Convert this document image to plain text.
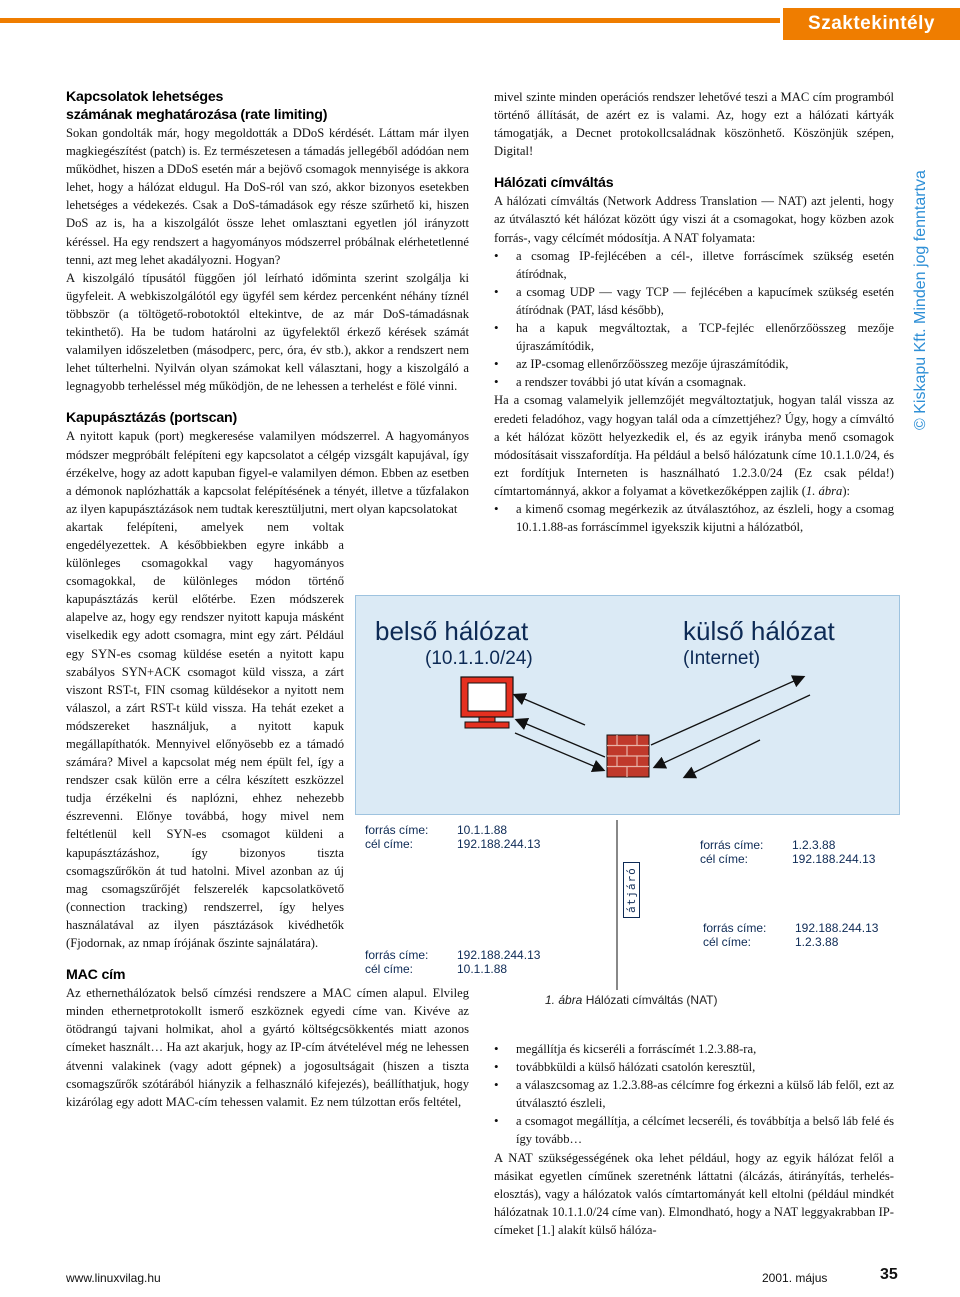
Szaktekintély
© Kiskapu Kft. Minden jog fenntartva
Kapcsolatok lehetséges
számának meghatározása (rate limiting)

Sokan gondolták már, hogy megoldották a DDoS kérdését. Láttam már ilyen magkiegészítést (patch) is. Ez természetesen a támadás jellegéből adódóan nem működhet, hiszen a DDoS esetén már a bejövő csomagok mennyisége is akkora lehet, hogy a hálózat eldugul. Ha DoS-ról van szó, akkor bizonyos esetekben lehetséges a védekezés. Csak a DoS-támadások egy része szűrhető ki, hiszen DoS az is, ha a kiszolgálót össze lehet omlasztani egyetlen jól irányzott kéréssel. Ha egy rendszert a hagyományos módszerrel próbálnak elérhetetlenné tenni, azt meg lehet akadályozni. Hogyan?

A kiszolgáló típusától függően jól leírható időminta szerint szolgálja ki ügyfeleit. A webkiszolgálótól egy ügyfél sem kérdez percenként néhány tíznél többször (a töltögető-robotoktól eltekintve, de az már DoS-támadásnak tekinthető). Ha be tudom határolni az ügyfelektől érkező kérések számát valamilyen időszeletben (másodperc, perc, óra, év stb.), akkor a rendszert nem lehet túlterhelni. Nyilván olyan számokat kell választani, hogy a kiszolgáló a legnagyobb terheléssel még működjön, de ne lehessen a terhelést e fölé vinni.

Kapupásztázás (portscan)

A nyitott kapuk (port) megkeresése valamilyen módszerrel. A hagyományos módszer megpróbált felépíteni egy kapcsolatot a célgép vizsgált kapujával, így érzékelve, hogy az adott kapuban figyel-e valamilyen démon. Ebben az esetben a démonok naplózhatták a kapcsolat felépítésének a tényét, illetve a tűzfalakon az ilyen kapupásztázások nem tudtak keresztüljutni, mert olyan kapcsolatokat

akartak felépíteni, amelyek nem voltak engedélyezettek. A későbbiekben egyre inkább a különleges csomagokkal vagy hagyományos csomagokkal, de különleges módon történő kapupásztázás kerül előtérbe. Ezen módszerek alapelve az, hogy egy rendszer nyitott kapuja másként viselkedik egy adott csomagra, mint egy zárt. Például egy SYN-es csomag küldése esetén a nyitott kapu szabályos SYN+ACK csomagot küld vissza, a zárt viszont RST-t, FIN csomag küldésekor a nyitott nem válaszol, a zárt RST-t küld vissza. Ha tehát ezeket a módszereket használjuk, a nyitott kapuk megállapíthatók. Mennyivel előnyösebb ez a támadó számára? Mivel a kapcsolat még nem épült fel, így a rendszer csak külön erre a célra készített eszközzel tudja érzékelni és naplózni, ehhez nehezebb észrevenni. Előnye továbbá, hogy mivel nem feltétlenül kell SYN-es csomagot küldeni a kapupásztázáshoz, így bizonyos tiszta csomagszűrőkön át tud hatolni. Mivel azonban az új mag csomagszűrőjét felszerelék kapcsolatkövető (connection tracking) rendszerrel, így helyes használatával az ilyen pásztázások kivédhetők (Fjodornak, az nmap írójának őszinte sajnálatára).

MAC cím

Az ethernethálózatok belső címzési rendszere a MAC címen alapul. Elvileg minden ethernetprotokollt ismerő eszköznek egyedi címe van. Kivéve az ötödrangú tajvani holmikat, ahol a gyártó költségcsökkentés miatt azonos címeket használt… Ha azt akarjuk, hogy az IP-cím átvételével még ne lehessen átvenni valakinek (vagy adott gépnek) a jogosultságait (hiszen a tiszta csomagszűrők szótárából hiányzik a felhasználó kifejezés), beállíthatjuk, hogy kizárólag egy adott MAC-cím tehessen valamit. Ez nem túlzottan erős feltétel,

mivel szinte minden operációs rendszer lehetővé teszi a MAC cím programból történő állítását, de azért ez is valami. Az, hogy ezt a hálózati kártyák támogatják, a Decnet protokollcsaládnak köszönhető. Köszönjük szépen, Digital!

Hálózati címváltás

A hálózati címváltás (Network Address Translation — NAT) azt jelenti, hogy az útválasztó két hálózat között úgy viszi át a csomagokat, hogy közben azok forrás-, vagy célcímét módosítja. A NAT folyamata:

• a csomag IP-fejlécében a cél-, illetve forráscímek szükség esetén átíródnak,
• a csomag UDP — vagy TCP — fejlécében a kapucímek szükség esetén átíródnak (PAT, lásd később),
• ha a kapuk megváltoztak, a TCP-fejléc ellenőrzőösszeg mezője újraszámítódik,
• az IP-csomag ellenőrzőösszeg mezője újraszámítódik,
• a rendszer további jó utat kíván a csomagnak.

Ha a csomag valamelyik jellemzőjét megváltoztatjuk, hogyan talál vissza az eredeti feladóhoz, vagy hogyan talál oda a címzettjéhez? Úgy, hogy a címváltó a két hálózat között helyezkedik el, és az egyik irányba menő csomagok módosításait visszafordítja. Ha például a belső hálózatunk címe 10.1.1.0/24, és ezt fordítjuk Interneten is használható 1.2.3.0/24 (Ez csak példa!) címtartománnyá, akkor a folyamat a következőképpen zajlik (1. ábra):

• a kimenő csomag megérkezik az útválasztóhoz, az észleli, hogy a csomag 10.1.1.88-as forráscímmel igyekszik kijutni a hálózatból,
• megállítja és kicseréli a forráscímét 1.2.3.88-ra,
• továbbküldi a külső hálózati csatolón keresztül,
• a válaszcsomag az 1.2.3.88-as célcímre fog érkezni a külső láb felől, ezt az útválasztó észleli,
• a csomagot megállítja, a célcímet lecseréli, és továbbítja a belső láb felé és így tovább…

A NAT szükségességének oka lehet például, hogy az egyik hálózat felől a másikat egyetlen címűnek szeretnénk láttatni (álcázás, átirányítás, terhelés-elosztás), vagy a hálózatok valós címtartományát kell eltolni (például mindkét hálózatnak 10.1.1.0/24 címe van). Elmondható, hogy a NAT leggyakrabban IP-címeket [1.] alakít külső hálóza-

belső hálózat
(10.1.1.0/24)
külső hálózat
(Internet)
átjáró
forrás címe: 10.1.1.88
cél címe:	192.188.244.13
forrás címe: 192.188.244.13
cél címe:	10.1.1.88
forrás címe: 1.2.3.88
cél címe:	192.188.244.13
forrás címe: 192.188.244.13
cél címe:	1.2.3.88
1. ábra Hálózati címváltás (NAT)
www.linuxvilag.hu	2001. május	35
